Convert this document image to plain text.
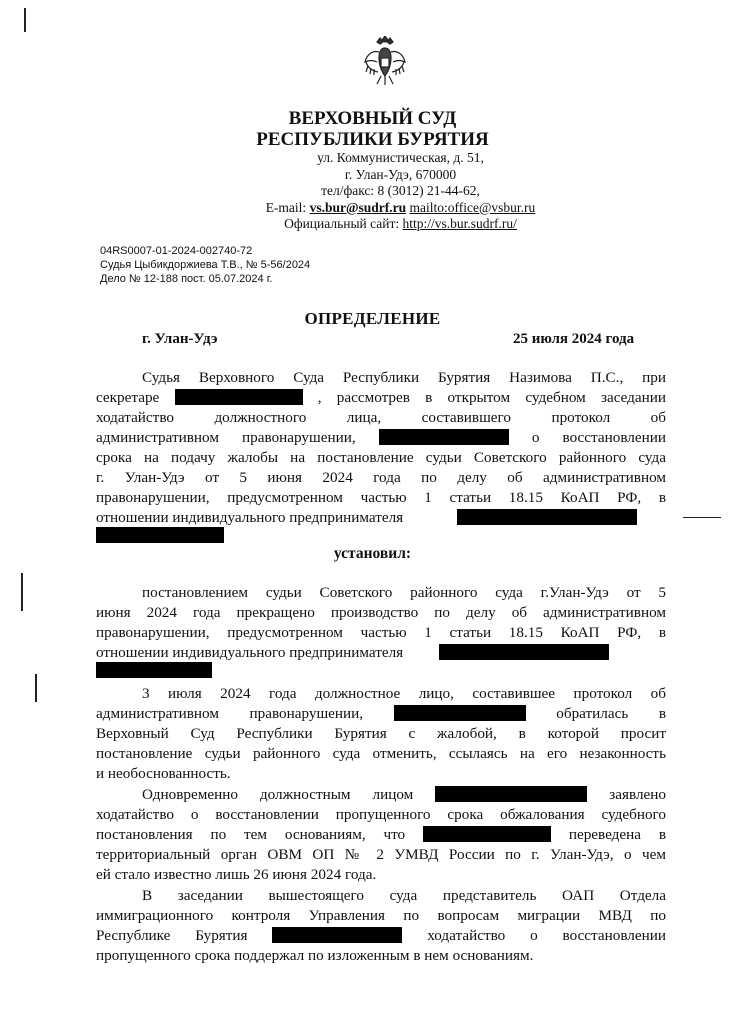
ВЕРХОВНЫЙ СУД
РЕСПУБЛИКИ БУРЯТИЯ
ул. Коммунистическая, д. 51,
г. Улан-Удэ, 670000
тел/факс: 8 (3012) 21-44-62,
E-mail: vs.bur@sudrf.ru mailto:office@vsbur.ru
Официальный сайт: http://vs.bur.sudrf.ru/
04RS0007-01-2024-002740-72
Судья Цыбикдоржиева Т.В., № 5-56/2024
Дело № 12-188 пост. 05.07.2024 г.
ОПРЕДЕЛЕНИЕ
г. Улан-Удэ	25 июля 2024 года
Судья Верховного Суда Республики Бурятия Назимова П.С., при
секретаре	, рассмотрев в открытом судебном заседании
ходатайство должностного лица, составившего протокол об
административном правонарушении,	о восстановлении
срока на подачу жалобы на постановление судьи Советского районного суда
г. Улан-Удэ от 5 июня 2024 года по делу об административном
правонарушении, предусмотренном частью 1 статьи 18.15 КоАП РФ, в
отношении индивидуального предпринимателя
установил:
постановлением судьи Советского районного суда г.Улан-Удэ от 5
июня 2024 года прекращено производство по делу об административном
правонарушении, предусмотренном частью 1 статьи 18.15 КоАП РФ, в
отношении индивидуального предпринимателя
3 июля 2024 года должностное лицо, составившее протокол об
административном правонарушении,	обратилась в
Верховный Суд Республики Бурятия с жалобой, в которой просит
постановление судьи районного суда отменить, ссылаясь на его незаконность
и необоснованность.
Одновременно должностным лицом	заявлено
ходатайство о восстановлении пропущенного срока обжалования судебного
постановления по тем основаниям, что	переведена в
территориальный орган ОВМ ОП № 2 УМВД России по г. Улан-Удэ, о чем
ей стало известно лишь 26 июня 2024 года.
В заседании вышестоящего суда представитель ОАП Отдела
иммиграционного контроля Управления по вопросам миграции МВД по
Республике Бурятия	ходатайство о восстановлении
пропущенного срока поддержал по изложенным в нем основаниям.
